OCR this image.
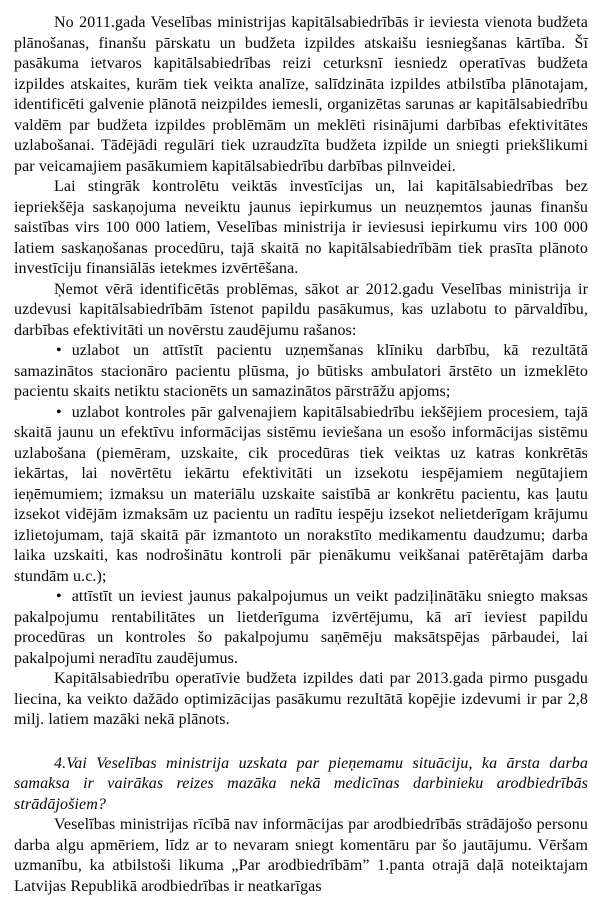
No 2011.gada Veselības ministrijas kapitālsabiedrībās ir ieviesta vienota budžeta plānošanas, finanšu pārskatu un budžeta izpildes atskaišu iesniegšanas kārtība. Šī pasākuma ietvaros kapitālsabiedrības reizi ceturksnī iesniedz operatīvas budžeta izpildes atskaites, kurām tiek veikta analīze, salīdzināta izpildes atbilstība plānotajam, identificēti galvenie plānotā neizpildes iemesli, organizētas sarunas ar kapitālsabiedrību valdēm par budžeta izpildes problēmām un meklēti risinājumi darbības efektivitātes uzlabošanai. Tādējādi regulāri tiek uzraudzīta budžeta izpilde un sniegti priekšlikumi par veicamajiem pasākumiem kapitālsabiedrību darbības pilnveidei.

Lai stingrāk kontrolētu veiktās investīcijas un, lai kapitālsabiedrības bez iepriekšēja saskaņojuma neveiktu jaunus iepirkumus un neuzņemtos jaunas finanšu saistības virs 100 000 latiem, Veselības ministrija ir ieviesusi iepirkumu virs 100 000 latiem saskaņošanas procedūru, tajā skaitā no kapitālsabiedrībām tiek prasīta plānoto investīciju finansiālās ietekmes izvērtēšana.

Ņemot vērā identificētās problēmas, sākot ar 2012.gadu Veselības ministrija ir uzdevusi kapitālsabiedrībām īstenot papildu pasākumus, kas uzlabotu to pārvaldību, darbības efektivitāti un novērstu zaudējumu rašanos:

• uzlabot un attīstīt pacientu uzņemšanas klīniku darbību, kā rezultātā samazinātos stacionāro pacientu plūsma, jo būtisks ambulatori ārstēto un izmeklēto pacientu skaits netiktu stacionēts un samazinātos pārstrāžu apjoms;

• uzlabot kontroles pār galvenajiem kapitālsabiedrību iekšējiem procesiem, tajā skaitā jaunu un efektīvu informācijas sistēmu ieviešana un esošo informācijas sistēmu uzlabošana (piemēram, uzskaite, cik procedūras tiek veiktas uz katras konkrētās iekārtas, lai novērtētu iekārtu efektivitāti un izsekotu iespējamiem negūtajiem ieņēmumiem; izmaksu un materiālu uzskaite saistībā ar konkrētu pacientu, kas ļautu izsekot vidējām izmaksām uz pacientu un radītu iespēju izsekot nelietderīgam krājumu izlietojumam, tajā skaitā pār izmantoto un norakstīto medikamentu daudzumu; darba laika uzskaiti, kas nodrošinātu kontroli pār pienākumu veikšanai patērētajām darba stundām u.c.);

• attīstīt un ieviest jaunus pakalpojumus un veikt padziļinātāku sniegto maksas pakalpojumu rentabilitātes un lietderīguma izvērtējumu, kā arī ieviest papildu procedūras un kontroles šo pakalpojumu saņēmēju maksātspējas pārbaudei, lai pakalpojumi neradītu zaudējumus.

Kapitālsabiedrību operatīvie budžeta izpildes dati par 2013.gada pirmo pusgadu liecina, ka veikto dažādo optimizācijas pasākumu rezultātā kopējie izdevumi ir par 2,8 milj. latiem mazāki nekā plānots.

4.Vai Veselības ministrija uzskata par pieņemamu situāciju, ka ārsta darba samaksa ir vairākas reizes mazāka nekā medicīnas darbinieku arodbiedrībās strādājošiem?

Veselības ministrijas rīcībā nav informācijas par arodbiedrībās strādājošo personu darba algu apmēriem, līdz ar to nevaram sniegt komentāru par šo jautājumu. Vēršam uzmanību, ka atbilstoši likuma „Par arodbiedrībām” 1.panta otrajā daļā noteiktajam Latvijas Republikā arodbiedrības ir neatkarīgas
